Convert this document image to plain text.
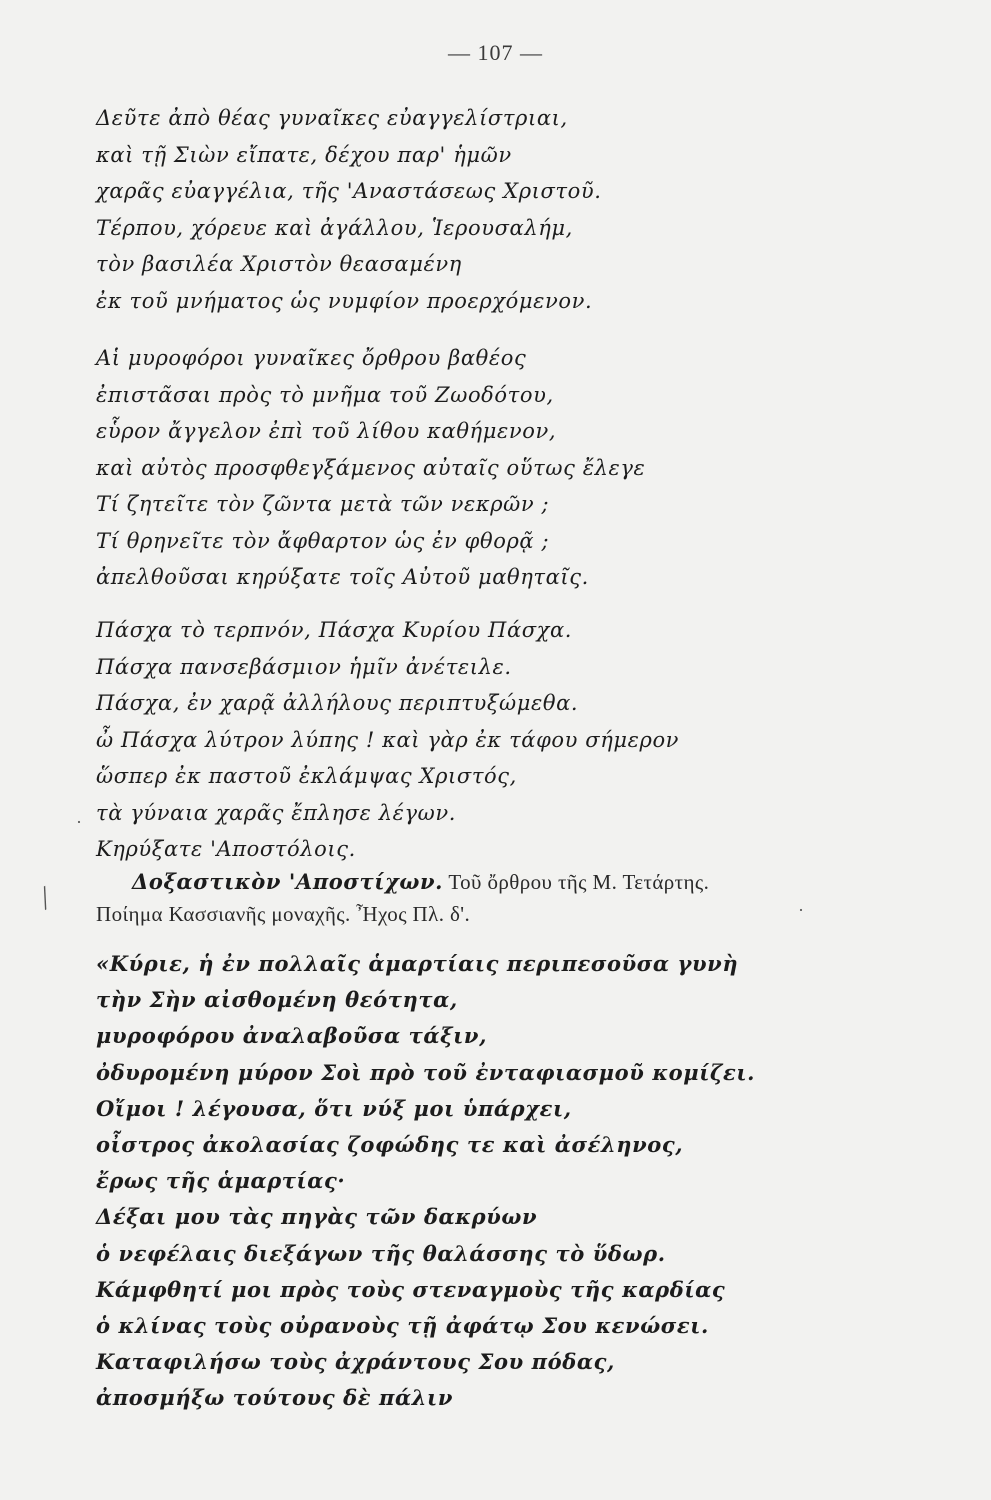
— 107 —
Δεῦτε ἀπὸ θέας γυναῖκες εὐαγγελίστριαι,
καὶ τῇ Σιὼν εἴπατε, δέχου παρ' ἡμῶν
χαρᾶς εὐαγγέλια, τῆς 'Αναστάσεως Χριστοῦ.
Τέρπου, χόρευε καὶ ἀγάλλου, Ἱερουσαλήμ,
τὸν βασιλέα Χριστὸν θεασαμένη
ἐκ τοῦ μνήματος ὡς νυμφίον προερχόμενον.
Αἱ μυροφόροι γυναῖκες ὄρθρου βαθέος
ἐπιστᾶσαι πρὸς τὸ μνῆμα τοῦ Ζωοδότου,
εὗρον ἄγγελον ἐπὶ τοῦ λίθου καθήμενον,
καὶ αὐτὸς προσφθεγξάμενος αὐταῖς οὕτως ἔλεγε
Τί ζητεῖτε τὸν ζῶντα μετὰ τῶν νεκρῶν ;
Τί θρηνεῖτε τὸν ἄφθαρτον ὡς ἐν φθορᾷ ;
ἀπελθοῦσαι κηρύξατε τοῖς Αὐτοῦ μαθηταῖς.
Πάσχα τὸ τερπνόν, Πάσχα Κυρίου Πάσχα.
Πάσχα πανσεβάσμιον ἡμῖν ἀνέτειλε.
Πάσχα, ἐν χαρᾷ ἀλλήλους περιπτυξώμεθα.
ὦ Πάσχα λύτρον λύπης ! καὶ γὰρ ἐκ τάφου σήμερον
ὥσπερ ἐκ παστοῦ ἐκλάμψας Χριστός,
τὰ γύναια χαρᾶς ἔπλησε λέγων.
Κηρύξατε 'Αποστόλοις.
Δοξαστικὸν 'Αποστίχων. Τοῦ ὄρθρου τῆς Μ. Τετάρτης.
Ποίημα Κασσιανῆς μοναχῆς. Ἦχος Πλ. δ'.
«Κύριε, ἡ ἐν πολλαῖς ἁμαρτίαις περιπεσοῦσα γυνὴ
τὴν Σὴν αἰσθομένη θεότητα,
μυροφόρου ἀναλαβοῦσα τάξιν,
ὀδυρομένη μύρον Σοὶ πρὸ τοῦ ἐνταφιασμοῦ κομίζει.
Οἴμοι ! λέγουσα, ὅτι νύξ μοι ὑπάρχει,
οἶστρος ἀκολασίας ζοφώδης τε καὶ ἀσέληνος,
ἔρως τῆς ἁμαρτίας·
Δέξαι μου τὰς πηγὰς τῶν δακρύων
ὁ νεφέλαις διεξάγων τῆς θαλάσσης τὸ ὕδωρ.
Κάμφθητί μοι πρὸς τοὺς στεναγμοὺς τῆς καρδίας
ὁ κλίνας τοὺς οὐρανοὺς τῇ ἀφάτῳ Σου κενώσει.
Καταφιλήσω τοὺς ἀχράντους Σου πόδας,
ἀποσμήξω τούτους δὲ πάλιν
╱
·
·
